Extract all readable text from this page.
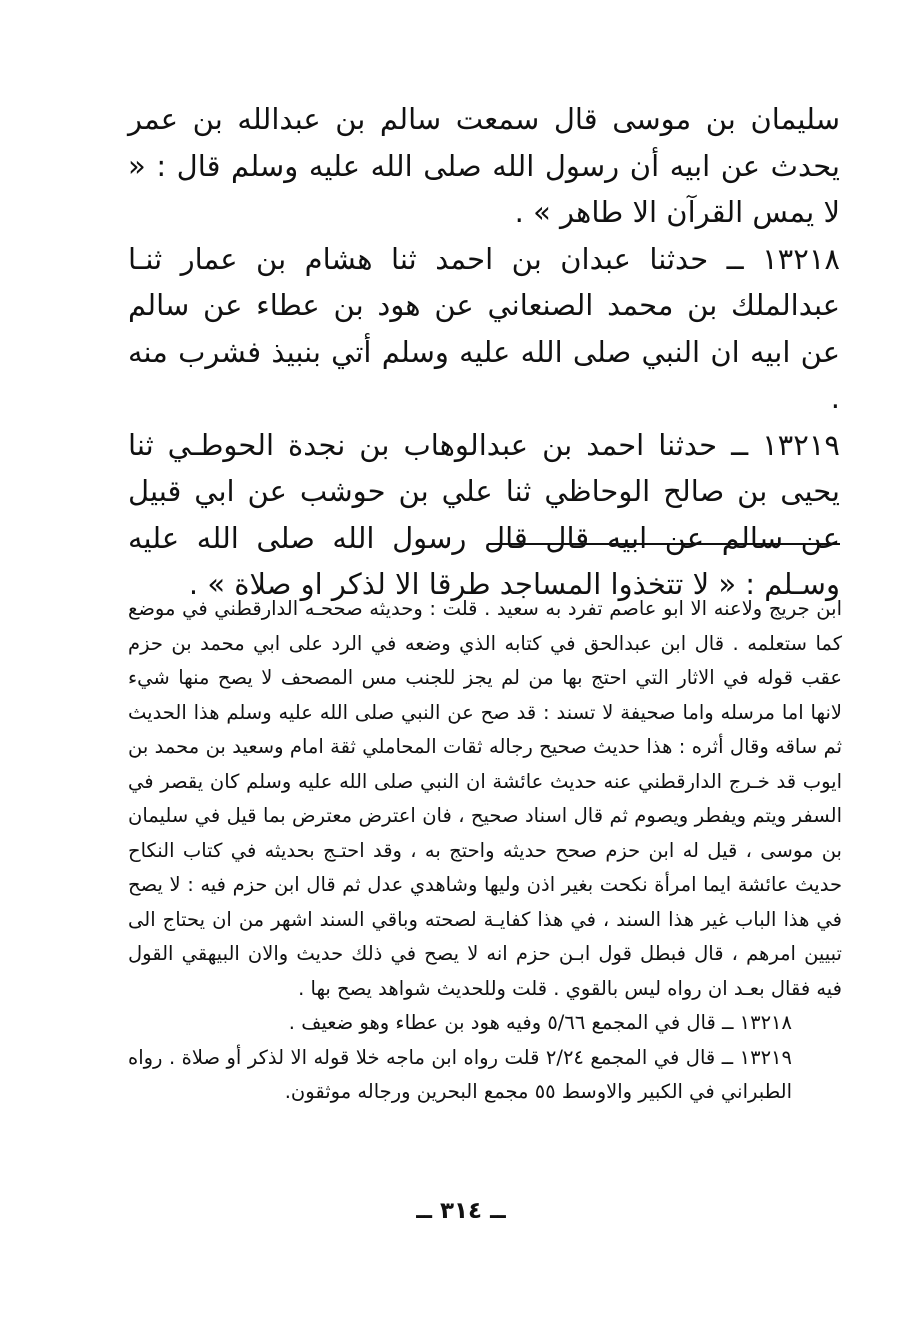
سليمان بن موسى قال سمعت سالم بن عبدالله بن عمر يحدث عن ابيه أن رسول الله صلى الله عليه وسلم قال : « لا يمس القرآن الا طاهر » .

١٣٢١٨ ــ حدثنا عبدان بن احمد ثنا هشام بن عمار ثنـا عبدالملك بن محمد الصنعاني عن هود بن عطاء عن سالم عن ابيه ان النبي صلى الله عليه وسلم أتي بنبيذ فشرب منه .

١٣٢١٩ ــ حدثنا احمد بن عبدالوهاب بن نجدة الحوطـي ثنا يحيى بن صالح الوحاظي ثنا علي بن حوشب عن ابي قبيل عن سالم عن ابيه قال قال رسول الله صلى الله عليه وسـلم : « لا تتخذوا المساجد طرقا الا لذكر او صلاة » .

ابن جريج ولاعنه الا ابو عاصم تفرد به سعيد . قلت : وحديثه صححـه الدارقطني في موضع كما ستعلمه . قال ابن عبدالحق في كتابه الذي وضعه في الرد على ابي محمد بن حزم عقب قوله في الاثار التي احتج بها من لم يجز للجنب مس المصحف لا يصح منها شيء لانها اما مرسله واما صحيفة لا تسند : قد صح عن النبي صلى الله عليه وسلم هذا الحديث ثم ساقه وقال أثره : هذا حديث صحيح رجاله ثقات المحاملي ثقة امام وسعيد بن محمد بن ايوب قد خـرج الدارقطني عنه حديث عائشة ان النبي صلى الله عليه وسلم كان يقصر في السفر ويتم ويفطر ويصوم ثم قال اسناد صحيح ، فان اعترض معترض بما قيل في سليمان بن موسى ، قيل له ابن حزم صحح حديثه واحتج به ، وقد احتـج بحديثه في كتاب النكاح حديث عائشة ايما امرأة نكحت بغير اذن وليها وشاهدي عدل ثم قال ابن حزم فيه : لا يصح في هذا الباب غير هذا السند ، في هذا كفايـة لصحته وباقي السند اشهر من ان يحتاج الى تبيين امرهم ، قال فبطل قول ابـن حزم انه لا يصح في ذلك حديث والان البيهقي القول فيه فقال بعـد ان رواه ليس بالقوي . قلت وللحديث شواهد يصح بها .

١٣٢١٨ ــ قال في المجمع ٥/٦٦ وفيه هود بن عطاء وهو ضعيف .

١٣٢١٩ ــ قال في المجمع ٢/٢٤ قلت رواه ابن ماجه خلا قوله الا لذكر أو صلاة . رواه الطبراني في الكبير والاوسط ٥٥ مجمع البحرين ورجاله موثقون.

ــ ٣١٤ ــ
